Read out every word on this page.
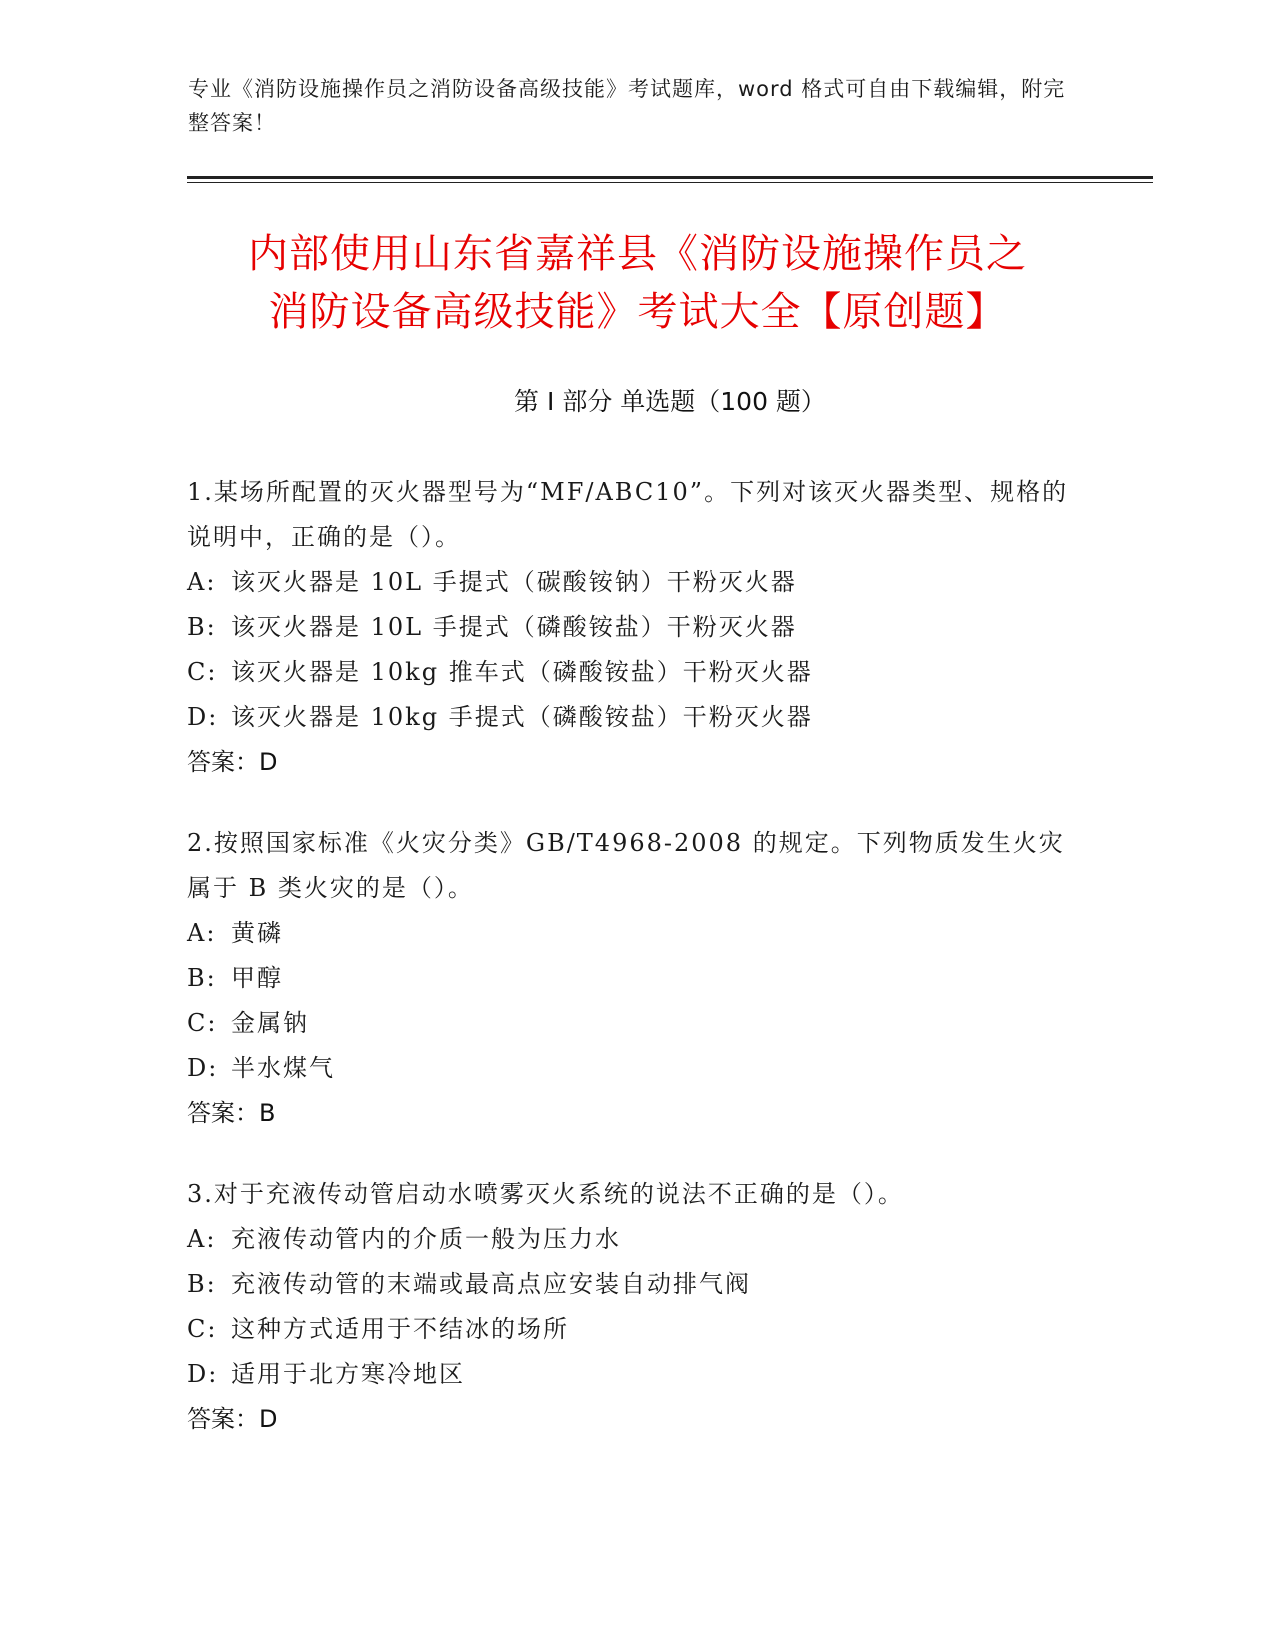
专业《消防设施操作员之消防设备高级技能》考试题库，word 格式可自由下载编辑，附完整答案！

内部使用山东省嘉祥县《消防设施操作员之
消防设备高级技能》考试大全【原创题】
第 I 部分 单选题（100 题）

1.某场所配置的灭火器型号为“MF/ABC10”。下列对该灭火器类型、规格的说明中，正确的是（）。

A: 该灭火器是 10L 手提式（碳酸铵钠）干粉灭火器

B: 该灭火器是 10L 手提式（磷酸铵盐）干粉灭火器

C: 该灭火器是 10kg 推车式（磷酸铵盐）干粉灭火器

D: 该灭火器是 10kg 手提式（磷酸铵盐）干粉灭火器

答案：D

2.按照国家标准《火灾分类》GB/T4968-2008 的规定。下列物质发生火灾属于 B 类火灾的是（）。

A: 黄磷

B: 甲醇

C: 金属钠

D: 半水煤气

答案：B

3.对于充液传动管启动水喷雾灭火系统的说法不正确的是（）。

A: 充液传动管内的介质一般为压力水

B: 充液传动管的末端或最高点应安装自动排气阀

C: 这种方式适用于不结冰的场所

D: 适用于北方寒冷地区

答案：D
